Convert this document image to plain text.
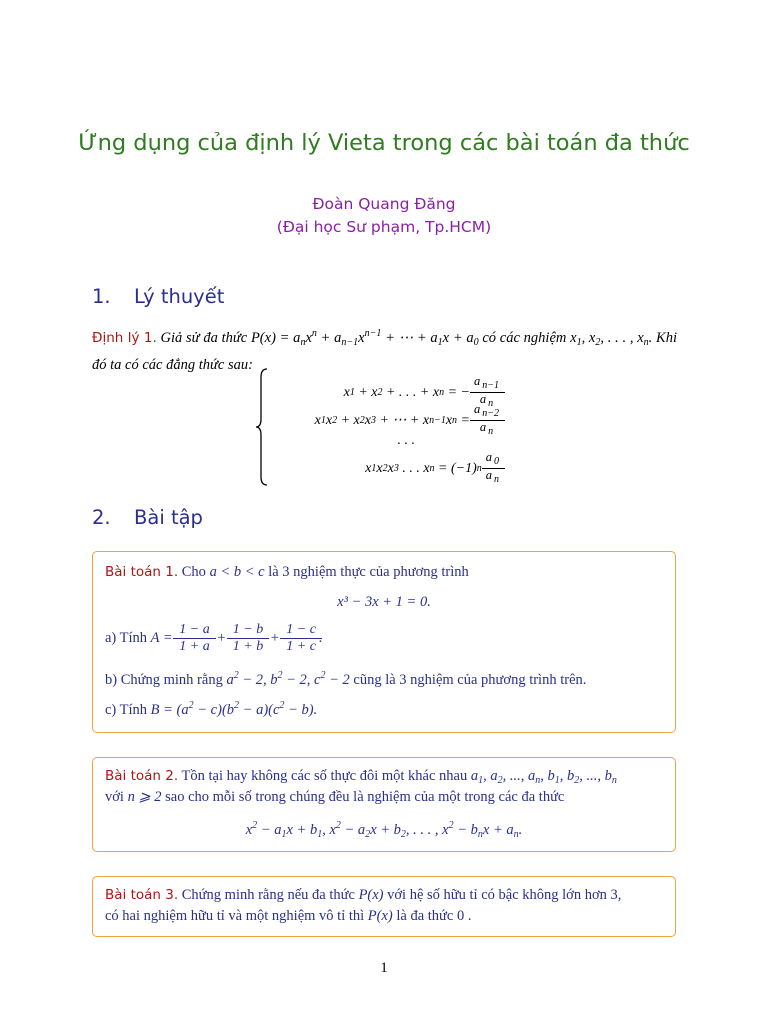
Ứng dụng của định lý Vieta trong các bài toán đa thức
Đoàn Quang Đăng
(Đại học Sư phạm, Tp.HCM)
1. Lý thuyết
Định lý 1. Giả sử đa thức $P(x) = a_nx^n + a_{n-1}x^{n-1}$ + ⋯ + $a_1x + a_0$ có các nghiệm $x_1$, $x_2$, . . . , $x_n$. Khi đó ta có các đẳng thức sau:
x 1 + x 2 + . . . + x n = − $\frac{a _{n-1}}{a _n}$
x 1 x 2 + x 2 x 3 + ⋯ + x n−1 x $n = \frac{a _{n-2}}{a _n}$
. . .
x 1 x 2 x 3 . . . x n = (−1) n $\frac{a _0}{a _n}$
2. Bài tập
Bài toán 1. Cho a < b < c là 3 nghiệm thực của phương trình
x³ − 3x + 1 = 0.
a) Tính $A = \frac{1 - a}{1 + a} + \frac{1 - b}{1 + b} + \frac{1 - c}{1 + c}$ .
b) Chứng minh rằng $a^2 - 2$, $b^2 - 2$, $c^2 - 2$ cũng là 3 nghiệm của phương trình trên.
c) Tính $B = (a^2 - c)(b^2 - a)(c^2 - b)$.
Bài toán 2. Tồn tại hay không các số thực đôi một khác nhau $a_1$, $a_2$, ..., $a_n$, $b_1$, $b_2$, ..., $b_n$
với n ⩾ 2 sao cho mỗi số trong chúng đều là nghiệm của một trong các đa thức
$x^2 - a_1x + b_1$, $x^2 - a_2x + b_2$, . . . , $x^2 - b_nx + a_n$.
Bài toán 3. Chứng minh rằng nếu đa thức P(x) với hệ số hữu tỉ có bậc không lớn hơn 3,
có hai nghiệm hữu tỉ và một nghiệm vô tỉ thì P(x) là đa thức 0 .
1
